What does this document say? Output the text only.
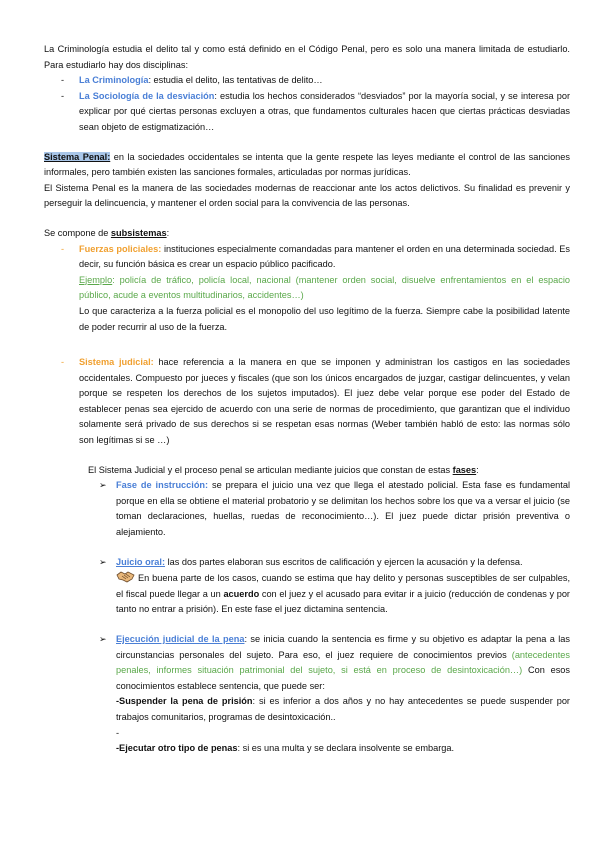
La Criminología estudia el delito tal y como está definido en el Código Penal, pero es solo una manera limitada de estudiarlo. Para estudiarlo hay dos disciplinas:

- La Criminología: estudia el delito, las tentativas de delito…
- La Sociología de la desviación: estudia los hechos considerados “desviados” por la mayoría social, y se interesa por explicar por qué ciertas personas excluyen a otras, que fundamentos culturales hacen que ciertas prácticas desviadas sean objeto de estigmatización…

Sistema Penal: en la sociedades occidentales se intenta que la gente respete las leyes mediante el control de las sanciones informales, pero también existen las sanciones formales, articuladas por normas jurídicas.

El Sistema Penal es la manera de las sociedades modernas de reaccionar ante los actos delictivos. Su finalidad es prevenir y perseguir la delincuencia, y mantener el orden social para la convivencia de las personas.

Se compone de subsistemas:

- Fuerzas policiales: instituciones especialmente comandadas para mantener el orden en una determinada sociedad. Es decir, su función básica es crear un espacio público pacificado.
Ejemplo: policía de tráfico, policía local, nacional (mantener orden social, disuelve enfrentamientos en el espacio público, acude a eventos multitudinarios, accidentes…)
Lo que caracteriza a la fuerza policial es el monopolio del uso legítimo de la fuerza. Siempre cabe la posibilidad latente de poder recurrir al uso de la fuerza.
- Sistema judicial: hace referencia a la manera en que se imponen y administran los castigos en las sociedades occidentales. Compuesto por jueces y fiscales (que son los únicos encargados de juzgar, castigar delincuentes, y velan porque se respeten los derechos de los sujetos imputados). El juez debe velar porque ese poder del Estado de establecer penas sea ejercido de acuerdo con una serie de normas de procedimiento, que garantizan que el individuo solamente será privado de sus derechos si se respetan esas normas (Weber también habló de esto: las normas sólo son legítimas si se …)

El Sistema Judicial y el proceso penal se articulan mediante juicios que constan de estas fases:

➢ Fase de instrucción: se prepara el juicio una vez que llega el atestado policial. Esta fase es fundamental porque en ella se obtiene el material probatorio y se delimitan los hechos sobre los que va a versar el juicio (se toman declaraciones, huellas, ruedas de reconocimiento…). El juez puede dictar prisión preventiva o alejamiento.
➢ Juicio oral: las dos partes elaboran sus escritos de calificación y ejercen la acusación y la defensa.
En buena parte de los casos, cuando se estima que hay delito y personas susceptibles de ser culpables, el fiscal puede llegar a un acuerdo con el juez y el acusado para evitar ir a juicio (reducción de condenas y por tanto no entrar a prisión). En este fase el juez dictamina sentencia.
➢ Ejecución judicial de la pena: se inicia cuando la sentencia es firme y su objetivo es adaptar la pena a las circunstancias personales del sujeto. Para eso, el juez requiere de conocimientos previos (antecedentes penales, informes situación patrimonial del sujeto, si está en proceso de desintoxicación…) Con esos conocimientos establece sentencia, que puede ser:
-Suspender la pena de prisión: si es inferior a dos años y no hay antecedentes se puede suspender por trabajos comunitarios, programas de desintoxicación..
-
-Ejecutar otro tipo de penas: si es una multa y se declara insolvente se embarga.
